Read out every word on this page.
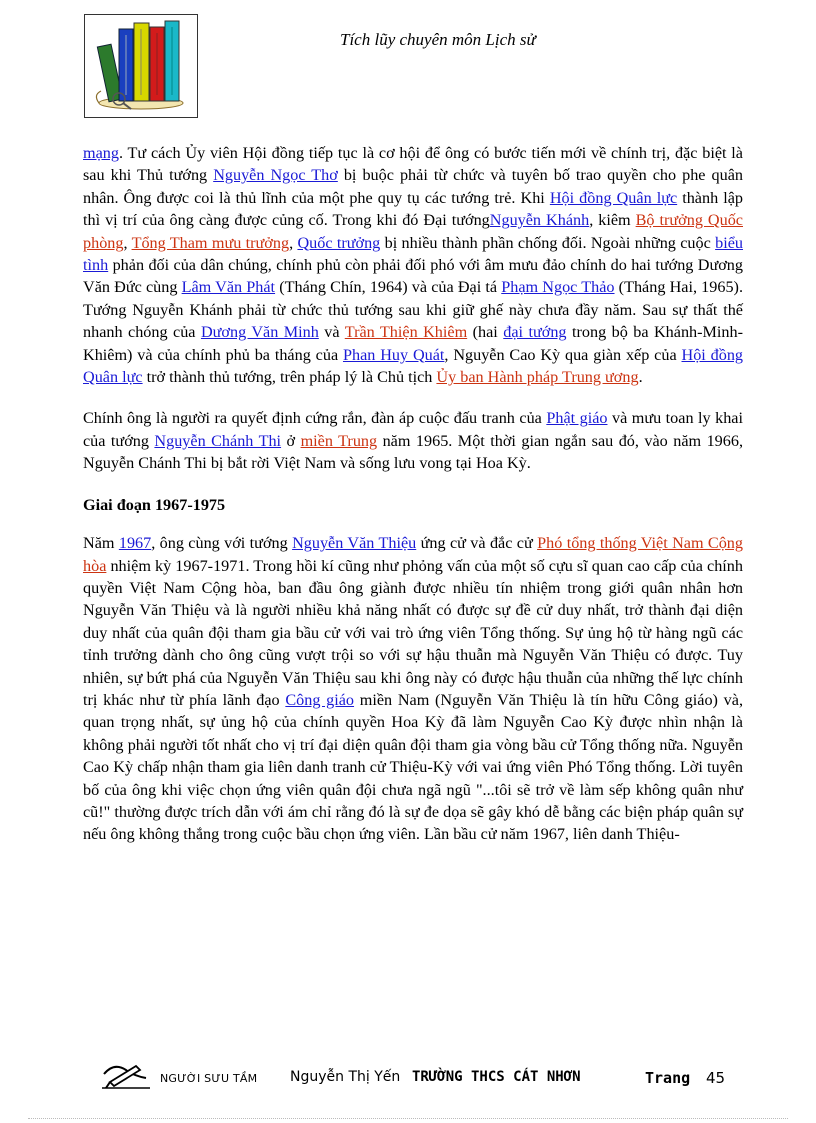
Tích lũy chuyên môn Lịch sử

mạng. Tư cách Ủy viên Hội đồng tiếp tục là cơ hội để ông có bước tiến mới về chính trị, đặc biệt là sau khi Thủ tướng Nguyễn Ngọc Thơ bị buộc phải từ chức và tuyên bố trao quyền cho phe quân nhân. Ông được coi là thủ lĩnh của một phe quy tụ các tướng trẻ. Khi Hội đồng Quân lực thành lập thì vị trí của ông càng được củng cố. Trong khi đó Đại tướngNguyễn Khánh, kiêm Bộ trưởng Quốc phòng, Tổng Tham mưu trưởng, Quốc trưởng bị nhiều thành phần chống đối. Ngoài những cuộc biểu tình phản đối của dân chúng, chính phủ còn phải đối phó với âm mưu đảo chính do hai tướng Dương Văn Đức cùng Lâm Văn Phát (Tháng Chín, 1964) và của Đại tá Phạm Ngọc Thảo (Tháng Hai, 1965). Tướng Nguyễn Khánh phải từ chức thủ tướng sau khi giữ ghế này chưa đầy năm. Sau sự thất thế nhanh chóng của Dương Văn Minh và Trần Thiện Khiêm (hai đại tướng trong bộ ba Khánh-Minh-Khiêm) và của chính phủ ba tháng của Phan Huy Quát, Nguyễn Cao Kỳ qua giàn xếp của Hội đồng Quân lực trở thành thủ tướng, trên pháp lý là Chủ tịch Ủy ban Hành pháp Trung ương.

Chính ông là người ra quyết định cứng rắn, đàn áp cuộc đấu tranh của Phật giáo và mưu toan ly khai của tướng Nguyễn Chánh Thi ở miền Trung năm 1965. Một thời gian ngắn sau đó, vào năm 1966, Nguyễn Chánh Thi bị bắt rời Việt Nam và sống lưu vong tại Hoa Kỳ.

Giai đoạn 1967-1975

Năm 1967, ông cùng với tướng Nguyễn Văn Thiệu ứng cử và đắc cử Phó tổng thống Việt Nam Cộng hòa nhiệm kỳ 1967-1971. Trong hồi kí cũng như phỏng vấn của một số cựu sĩ quan cao cấp của chính quyền Việt Nam Cộng hòa, ban đầu ông giành được nhiều tín nhiệm trong giới quân nhân hơn Nguyễn Văn Thiệu và là người nhiều khả năng nhất có được sự đề cử duy nhất, trở thành đại diện duy nhất của quân đội tham gia bầu cử với vai trò ứng viên Tổng thống. Sự ủng hộ từ hàng ngũ các tỉnh trưởng dành cho ông cũng vượt trội so với sự hậu thuẫn mà Nguyễn Văn Thiệu có được. Tuy nhiên, sự bứt phá của Nguyễn Văn Thiệu sau khi ông này có được hậu thuẫn của những thế lực chính trị khác như từ phía lãnh đạo Công giáo miền Nam (Nguyễn Văn Thiệu là tín hữu Công giáo) và, quan trọng nhất, sự ủng hộ của chính quyền Hoa Kỳ đã làm Nguyễn Cao Kỳ được nhìn nhận là không phải người tốt nhất cho vị trí đại diện quân đội tham gia vòng bầu cử Tổng thống nữa. Nguyễn Cao Kỳ chấp nhận tham gia liên danh tranh cử Thiệu-Kỳ với vai ứng viên Phó Tổng thống. Lời tuyên bố của ông khi việc chọn ứng viên quân đội chưa ngã ngũ "...tôi sẽ trở về làm sếp không quân như cũ!" thường được trích dẫn với ám chỉ rằng đó là sự đe dọa sẽ gây khó dễ bằng các biện pháp quân sự nếu ông không thắng trong cuộc bầu chọn ứng viên. Lần bầu cử năm 1967, liên danh Thiệu-

NGƯỜI SƯU TẦM Nguyễn Thị Yến TRƯỜNG THCS CÁT NHƠN	Trang 45
